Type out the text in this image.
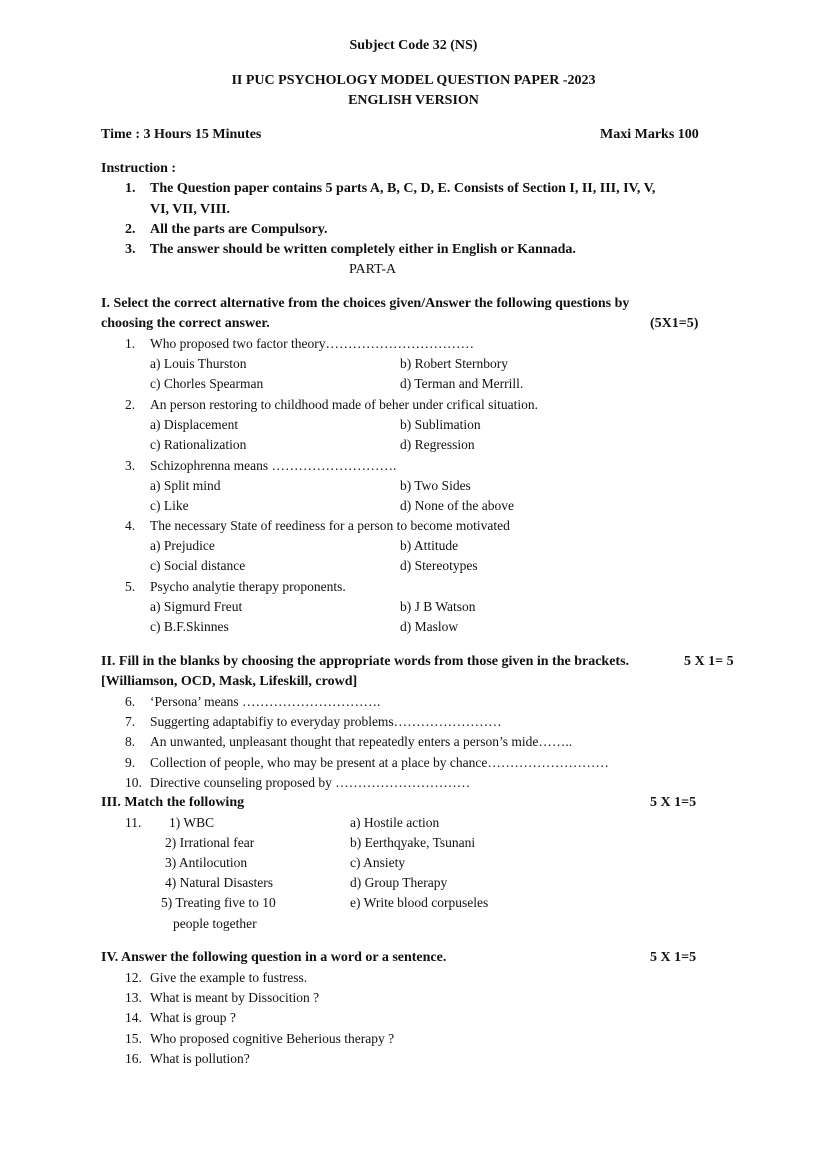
Subject Code 32 (NS)
II PUC PSYCHOLOGY MODEL QUESTION PAPER -2023
ENGLISH VERSION
Time : 3 Hours 15 Minutes	Maxi Marks 100
Instruction :
1. The Question paper contains 5 parts A, B, C, D, E. Consists of Section I, II, III, IV, V,
VI, VII, VIII.
2. All the parts are Compulsory.
3. The answer should be written completely either in English or Kannada.
PART-A
I. Select the correct alternative from the choices given/Answer the following questions by
choosing the correct answer.	(5X1=5)
1. Who proposed two factor theory……………………………
a) Louis Thurston	b) Robert Sternbory
c) Chorles Spearman	d) Terman and Merrill.
2. An person restoring to childhood made of beher under crifical situation.
a) Displacement	b) Sublimation
c) Rationalization	d) Regression
3. Schizophrenna means ……………………….
a) Split mind	b) Two Sides
c) Like	d) None of the above
4. The necessary State of reediness for a person to become motivated
a) Prejudice	b) Attitude
c) Social distance	d) Stereotypes
5. Psycho analytie therapy proponents.
a) Sigmurd Freut	b) J B Watson
c) B.F.Skinnes	d) Maslow
II. Fill in the blanks by choosing the appropriate words from those given in the brackets.	5 X 1= 5
[Williamson, OCD, Mask, Lifeskill, crowd]
6. ‘Persona’ means ………………………….
7. Suggerting adaptabifiy to everyday problems……………………
8. An unwanted, unpleasant thought that repeatedly enters a person’s mide……..
9. Collection of people, who may be present at a place by chance………………………
10. Directive counseling proposed by …………………………
III. Match the following	5 X 1=5
11. 1) WBC	a) Hostile action
2) Irrational fear	b) Eerthqyake, Tsunani
3) Antilocution	c) Ansiety
4) Natural Disasters	d) Group Therapy
5) Treating five to 10	e) Write blood corpuseles
people together
IV. Answer the following question in a word or a sentence.	5 X 1=5
12. Give the example to fustress.
13. What is meant by Dissocition ?
14. What is group ?
15. Who proposed cognitive Beherious therapy ?
16. What is pollution?
